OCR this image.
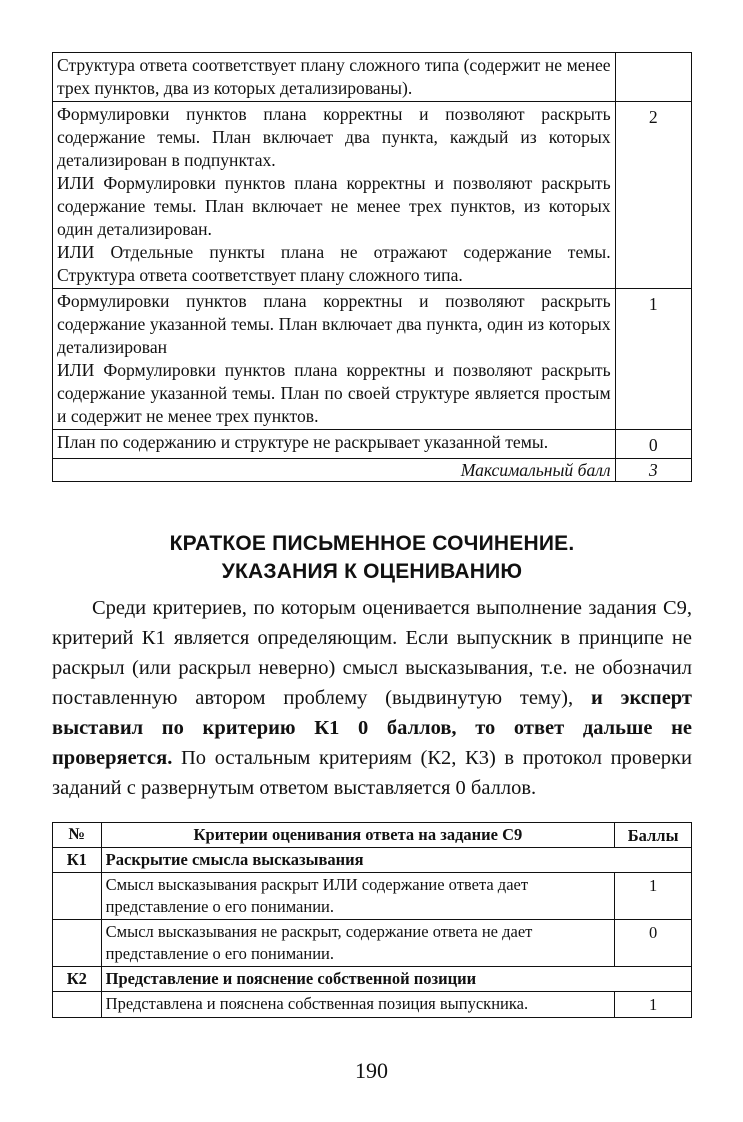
Структура ответа соответствует плану сложного типа (содержит не менее трех пунктов, два из которых детализированы).	

Формулировки пунктов плана корректны и позволяют раскрыть содержание темы. План включает два пункта, каждый из которых детализирован в подпунктах.

ИЛИ Формулировки пунктов плана корректны и позволяют раскрыть содержание темы. План включает не менее трех пунктов, из которых один детализирован.

ИЛИ Отдельные пункты плана не отражают содержание темы. Структура ответа соответствует плану сложного типа.	2

Формулировки пунктов плана корректны и позволяют раскрыть содержание указанной темы. План включает два пункта, один из которых детализирован

ИЛИ Формулировки пунктов плана корректны и позволяют раскрыть содержание указанной темы. План по своей структуре является простым и содержит не менее трех пунктов.	1

План по содержанию и структуре не раскрывает указанной темы.	0
Максимальный балл	3
КРАТКОЕ ПИСЬМЕННОЕ СОЧИНЕНИЕ.
УКАЗАНИЯ К ОЦЕНИВАНИЮ

Среди критериев, по которым оценивается выполнение задания С9, критерий К1 является определяющим. Если выпускник в принципе не раскрыл (или раскрыл неверно) смысл высказывания, т.е. не обозначил поставленную автором проблему (выдвинутую тему), и эксперт выставил по критерию К1 0 баллов, то ответ дальше не проверяется. По остальным критериям (К2, К3) в протокол проверки заданий с развернутым ответом выставляется 0 баллов.

№	Критерии оценивания ответа на задание С9	Баллы
К1	Раскрытие смысла высказывания	
	Смысл высказывания раскрыт ИЛИ содержание ответа дает представление о его понимании.	1
	Смысл высказывания не раскрыт, содержание ответа не дает представление о его понимании.	0
К2	Представление и пояснение собственной позиции	
	Представлена и пояснена собственная позиция выпускника.	1
190
